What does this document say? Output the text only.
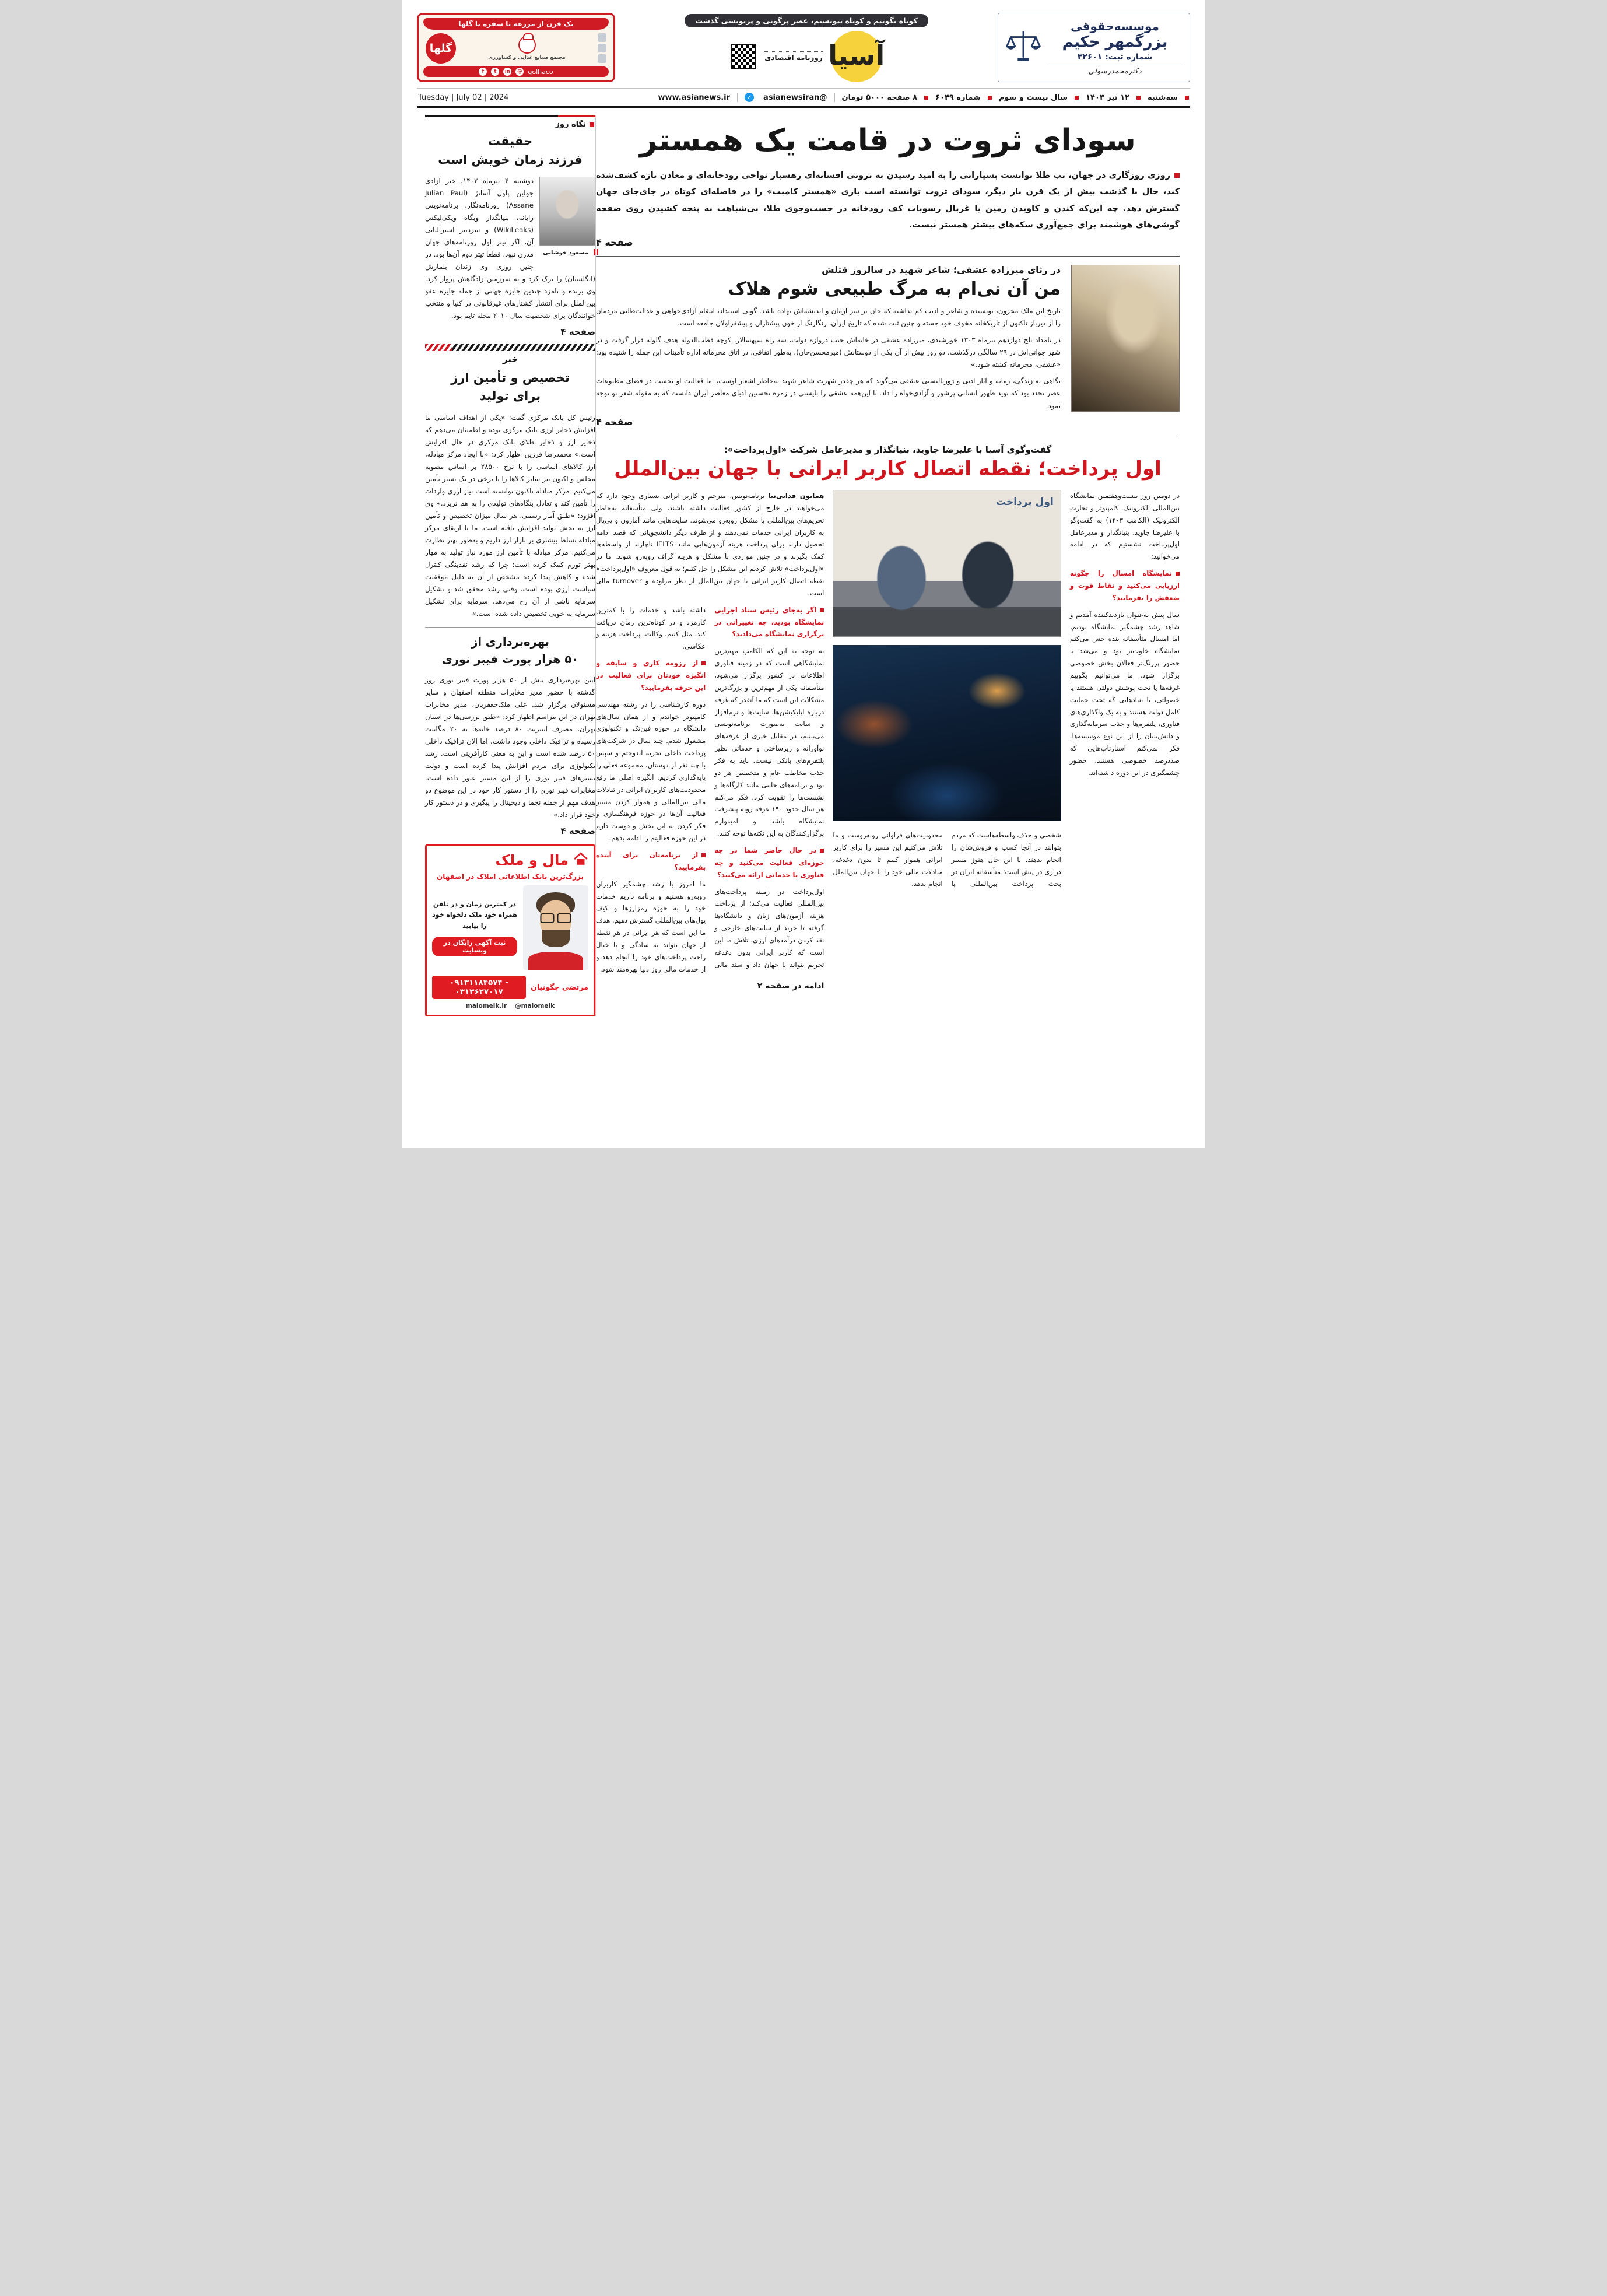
موسسه‌حقوقی
بزرگمهر حکیم
شماره ثبت: ۳۲۶۰۱
دکترمحمدرسولی
کوتاه بگوییم و کوتاه بنویسیم، عصر پرگویی و پرنویسی گذشت
آسیا
روزنامه اقتصادی
یک قرن از مزرعه تا سفره با گلها
مجتمع صنایع غذایی و کشاورزی
گلها
f	t	in	@ golhaco
سه‌شنبه
۱۲ تیر ۱۴۰۳
سال بیست و سوم
شماره ۶۰۴۹
۸ صفحه ۵۰۰۰ تومان
@asianewsiran
✓
www.asianews.ir
Tuesday | July 02 | 2024
سودای ثروت در قامت یک همستر

روزی روزگاری در جهان، تب طلا توانست بسیارانی را به امید رسیدن به ثروتی افسانه‌ای رهسپار نواحی رودخانه‌ای و معادن تازه کشف‌شده کند، حال با گذشت بیش از یک قرن بار دیگر، سودای ثروت توانسته است بازی «همستر کامبت» را در فاصله‌ای کوتاه در جای‌جای جهان گسترش دهد. چه این‌که کندن و کاویدن زمین یا غربال رسوبات کف رودخانه در جست‌وجوی طلا، بی‌شباهت به پنجه کشیدن روی صفحه گوشی‌های هوشمند برای جمع‌آوری سکه‌های بیشتر همستر نیست.

صفحه ۴
در رثای میرزاده عشقی؛ شاعر شهید در سالروز قتلش
من آن نی‌ام به مرگ طبیعی شوم هلاک

تاریخ این ملک محزون، نویسنده و شاعر و ادیب کم نداشته که جان بر سر آرمان و اندیشه‌اش نهاده باشد. گویی استبداد، انتقام آزادی‌خواهی و عدالت‌طلبی مردمان را از دیرباز تاکنون از تاریکخانه مخوف خود جسته و چنین ثبت شده که تاریخ ایران، رنگارنگ از خون پیشتازان و پیشقراولان جامعه است.

در بامداد تلخ دوازدهم تیرماه ۱۳۰۳ خورشیدی، میرزاده عشقی در خانه‌اش جنب دروازه دولت، سه راه سپهسالار، کوچه قطب‌الدوله هدف گلوله قرار گرفت و در شهر جوانی‌اش در ۲۹ سالگی درگذشت. دو روز پیش از آن یکی از دوستانش (میرمحسن‌خان)، به‌طور اتفاقی، در اتاق محرمانه اداره تأمینات این جمله را شنیده بود: «عشقی، محرمانه کشته شود.»

نگاهی به زندگی، زمانه و آثار ادبی و ژورنالیستی عشقی می‌گوید که هر چقدر شهرت شاعر شهید به‌خاطر اشعار اوست، اما فعالیت او نخست در فضای مطبوعات عصر تجدد بود که نوید ظهور انسانی پرشور و آزادی‌خواه را داد. با این‌همه عشقی را بایستی در زمره نخستین ادبای معاصر ایران دانست که به مقوله شعر نو توجه نمود.

صفحه ۴
گفت‌وگوی آسیا با علیرضا جاوید، بنیانگذار و مدیرعامل شرکت «اول‌پرداخت»:
اول پرداخت؛ نقطه اتصال کاربر ایرانی با جهان بین‌الملل

در دومین روز بیست‌وهفتمین نمایشگاه بین‌المللی الکترونیک، کامپیوتر و تجارت الکترونیک (الکامپ ۱۴۰۳) به گفت‌وگو با علیرضا جاوید، بنیانگذار و مدیرعامل اول‌پرداخت نشستیم که در ادامه می‌خوانید:

نمایشگاه امسال را چگونه ارزیابی می‌کنید و نقاط قوت و ضعفش را بفرمایید؟

سال پیش به‌عنوان بازدیدکننده آمدیم و شاهد رشد چشمگیر نمایشگاه بودیم، اما امسال متأسفانه بنده حس می‌کنم نمایشگاه خلوت‌تر بود و می‌شد با حضور پررنگ‌تر فعالان بخش خصوصی برگزار شود. ما می‌توانیم بگوییم غرفه‌ها یا تحت پوشش دولتی هستند یا خصولتی، یا بنیادهایی که تحت حمایت کامل دولت هستند و به یک واگذاری‌های فناوری، پلتفرم‌ها و جذب سرمایه‌گذاری و دانش‌بنیان را از این نوع موسسه‌ها. فکر نمی‌کنم استارتاپ‌هایی که صددرصد خصوصی هستند، حضور چشمگیری در این دوره داشته‌اند.

اول پرداخت
شخصی و حذف واسطه‌هاست که مردم بتوانند در آنجا کسب و فروش‌شان را انجام بدهند. با این حال هنوز مسیر درازی در پیش است؛ متأسفانه ایران در بحث پرداخت بین‌المللی با محدودیت‌های فراوانی روبه‌روست و ما تلاش می‌کنیم این مسیر را برای کاربر ایرانی هموار کنیم تا بدون دغدغه، مبادلات مالی خود را با جهان بین‌الملل انجام بدهد.

همایون فدایی‌نیا برنامه‌نویس، مترجم و کاربر ایرانی بسیاری وجود دارد که می‌خواهند در خارج از کشور فعالیت داشته باشند، ولی متأسفانه به‌خاطر تحریم‌های بین‌المللی با مشکل روبه‌رو می‌شوند. سایت‌هایی مانند آمازون و پی‌پال به کاربران ایرانی خدمات نمی‌دهند و از طرف دیگر دانشجویانی که قصد ادامه تحصیل دارند برای پرداخت هزینه آزمون‌هایی مانند IELTS ناچارند از واسطه‌ها کمک بگیرند و در چنین مواردی با مشکل و هزینه گزاف روبه‌رو شوند. ما در «اول‌پرداخت» تلاش کردیم این مشکل را حل کنیم؛ به قول معروف «اول‌پرداخت» نقطه اتصال کاربر ایرانی با جهان بین‌الملل از نظر مراوده و turnover مالی است.

اگر به‌جای رئیس ستاد اجرایی نمایشگاه بودید، چه تغییراتی در برگزاری نمایشگاه می‌دادید؟

به توجه به این که الکامپ مهم‌ترین نمایشگاهی است که در زمینه فناوری اطلاعات در کشور برگزار می‌شود، متأسفانه یکی از مهم‌ترین و بزرگ‌ترین مشکلات این است که ما آنقدر که غرفه درباره اپلیکیشن‌ها، سایت‌ها و نرم‌افزار و سایت به‌صورت برنامه‌نویسی می‌بینیم، در مقابل خبری از غرفه‌های نوآورانه و زیرساختی و خدماتی نظیر پلتفرم‌های بانکی نیست. باید به فکر جذب مخاطب عام و متخصص هر دو بود و برنامه‌های جانبی مانند کارگاه‌ها و نشست‌ها را تقویت کرد. فکر می‌کنم هر سال حدود ۱۹۰ غرفه روبه پیشرفت نمایشگاه باشد و امیدوارم برگزارکنندگان به این نکته‌ها توجه کنند.

در حال حاضر شما در چه حوزه‌ای فعالیت می‌کنید و چه فناوری یا خدماتی ارائه می‌کنید؟

اول‌پرداخت در زمینه پرداخت‌های بین‌المللی فعالیت می‌کند؛ از پرداخت هزینه آزمون‌های زبان و دانشگاه‌ها گرفته تا خرید از سایت‌های خارجی و نقد کردن درآمدهای ارزی. تلاش ما این است که کاربر ایرانی بدون دغدغه تحریم بتواند با جهان داد و ستد مالی داشته باشد و خدمات را با کمترین کارمزد و در کوتاه‌ترین زمان دریافت کند، مثل کنیم، وکالت، پرداخت هزینه و عکاسی.

از رزومه کاری و سابقه و انگیزه خودتان برای فعالیت در این حرفه بفرمایید؟

دوره کارشناسی را در رشته مهندسی کامپیوتر خواندم و از همان سال‌های دانشگاه در حوزه فین‌تک و تکنولوژی مشغول شدم. چند سال در شرکت‌های پرداخت داخلی تجربه اندوختم و سپس با چند نفر از دوستان، مجموعه فعلی را پایه‌گذاری کردیم. انگیزه اصلی ما رفع محدودیت‌های کاربران ایرانی در تبادلات مالی بین‌المللی و هموار کردن مسیر فعالیت آن‌ها در حوزه فرهنگسازی و فکر کردن به این بخش و دوست دارم در این حوزه فعالیتم را ادامه بدهم.

از برنامه‌تان برای آینده بفرمایید؟

ما امروز با رشد چشمگیر کاربران روبه‌رو هستیم و برنامه داریم خدمات خود را به حوزه رمزارزها و کیف پول‌های بین‌المللی گسترش دهیم. هدف ما این است که هر ایرانی در هر نقطه از جهان بتواند به سادگی و با خیال راحت پرداخت‌های خود را انجام دهد و از خدمات مالی روز دنیا بهره‌مند شود.

ادامه در صفحه ۲
نگاه روز
حقیقت
فرزند زمان خویش است
مسعود خوشابی
دوشنبه ۴ تیرماه ۱۴۰۲، خبر آزادی جولین پاول آسانژ (Julian Paul Assane) روزنامه‌نگار، برنامه‌نویس رایانه، بنیانگذار وبگاه ویکی‌لیکس (WikiLeaks) و سردبیر استرالیایی آن، اگر تیتر اول روزنامه‌های جهان مدرن نبود، قطعا تیتر دوم آن‌ها بود. در چنین روزی وی زندان بلمارش (انگلستان) را ترک کرد و به سرزمین زادگاهش پرواز کرد. وی برنده و نامزد چندین جایزه جهانی از جمله جایزه عفو بین‌الملل برای انتشار کشتارهای غیرقانونی در کنیا و منتخب خوانندگان برای شخصیت سال ۲۰۱۰ مجله تایم بود.
صفحه ۴
خبر
تخصیص و تأمین ارز
برای تولید
رئیس کل بانک مرکزی گفت: «یکی از اهداف اساسی ما افزایش ذخایر ارزی بانک مرکزی بوده و اطمینان می‌دهم که ذخایر ارز و ذخایر طلای بانک مرکزی در حال افزایش است.» محمدرضا فرزین اظهار کرد: «با ایجاد مرکز مبادله، ارز کالاهای اساسی را با نرخ ۲۸۵۰۰ بر اساس مصوبه مجلس و اکنون نیز سایر کالاها را با نرخی در یک بستر تأمین می‌کنیم. مرکز مبادله تاکنون توانسته است نیاز ارزی واردات را تأمین کند و تعادل بنگاه‌های تولیدی را به هم نریزد.» وی افزود: «طبق آمار رسمی، هر سال میزان تخصیص و تأمین ارز به بخش تولید افزایش یافته است. ما با ارتقای مرکز مبادله تسلط بیشتری بر بازار ارز داریم و به‌طور بهتر نظارت می‌کنیم. مرکز مبادله با تأمین ارز مورد نیاز تولید به مهار بهتر تورم کمک کرده است؛ چرا که رشد نقدینگی کنترل شده و کاهش پیدا کرده مشخص از آن به دلیل موفقیت سیاست ارزی بوده است. وقتی رشد محقق شد و تشکیل سرمایه ناشی از آن رخ می‌دهد، سرمایه برای تشکیل سرمایه به خوبی تخصیص داده شده است.»
بهره‌برداری از
۵۰ هزار پورت فیبر نوری
آیین بهره‌برداری بیش از ۵۰ هزار پورت فیبر نوری روز گذشته با حضور مدیر مخابرات منطقه اصفهان و سایر مسئولان برگزار شد. علی ملک‌جعفریان، مدیر مخابرات تهران در این مراسم اظهار کرد: «طبق بررسی‌ها در استان تهران، مصرف اینترنت ۸۰ درصد خانه‌ها به ۲۰ مگابیت رسیده و ترافیک داخلی وجود داشت، اما الان ترافیک داخلی ۵۰ درصد شده است و این به معنی کارآفرینی است. رشد تکنولوژی برای مردم افزایش پیدا کرده است و دولت بسترهای فیبر نوری را از این مسیر عبور داده است. مخابرات فیبر نوری را از دستور کار خود در این موضوع دو هدف مهم از جمله نجما و دیجیتال را پیگیری و در دستور کار خود قرار داد.»
صفحه ۴
مال و ملک
بزرگ‌ترین بانک اطلاعاتی املاک در اصفهان
در کمترین زمان و در تلفن همراه خود ملک دلخواه خود را بیابید
ثبت آگهی رایگان در وبسایت
مرتضی چگونیان
۰۹۱۳۱۱۸۴۵۷۴ - ۰۳۱۳۶۲۷۰۱۷
malomelk.ir @malomelk
